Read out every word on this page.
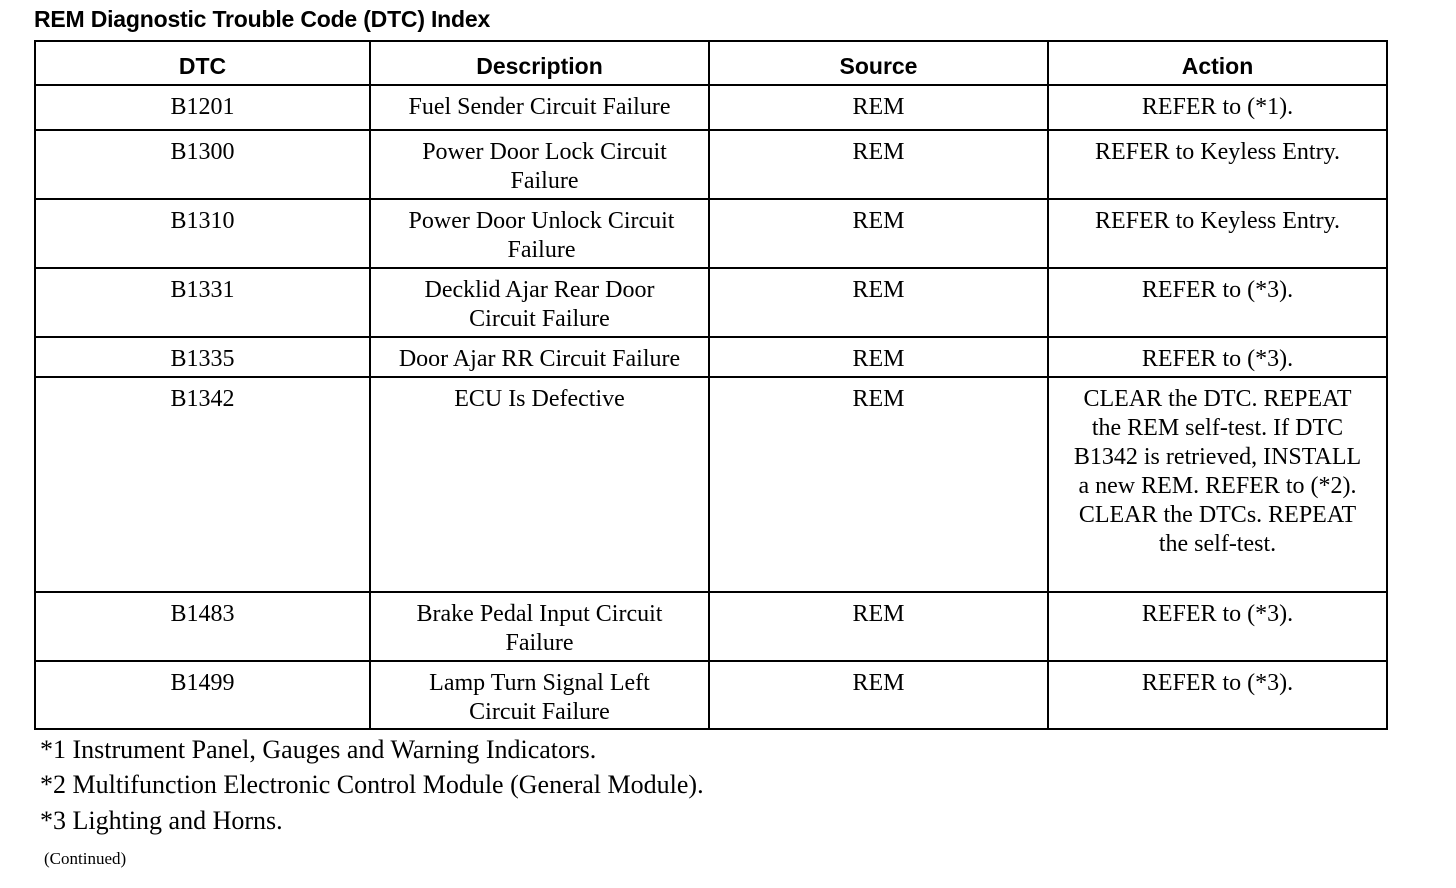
REM Diagnostic Trouble Code (DTC) Index
DTC	Description	Source	Action
B1201	Fuel Sender Circuit Failure	REM	REFER to (*1).
B1300	Power Door Lock Circuit Failure	REM	REFER to Keyless Entry.
B1310	Power Door Unlock Circuit Failure	REM	REFER to Keyless Entry.
B1331	Decklid Ajar Rear Door Circuit Failure	REM	REFER to (*3).
B1335	Door Ajar RR Circuit Failure	REM	REFER to (*3).
B1342	ECU Is Defective	REM	CLEAR the DTC. REPEAT the REM self-test. If DTC B1342 is retrieved, INSTALL a new REM. REFER to (*2). CLEAR the DTCs. REPEAT the self-test.
B1483	Brake Pedal Input Circuit Failure	REM	REFER to (*3).
B1499	Lamp Turn Signal Left Circuit Failure	REM	REFER to (*3).
*1 Instrument Panel, Gauges and Warning Indicators.
*2 Multifunction Electronic Control Module (General Module).
*3 Lighting and Horns.
(Continued)
